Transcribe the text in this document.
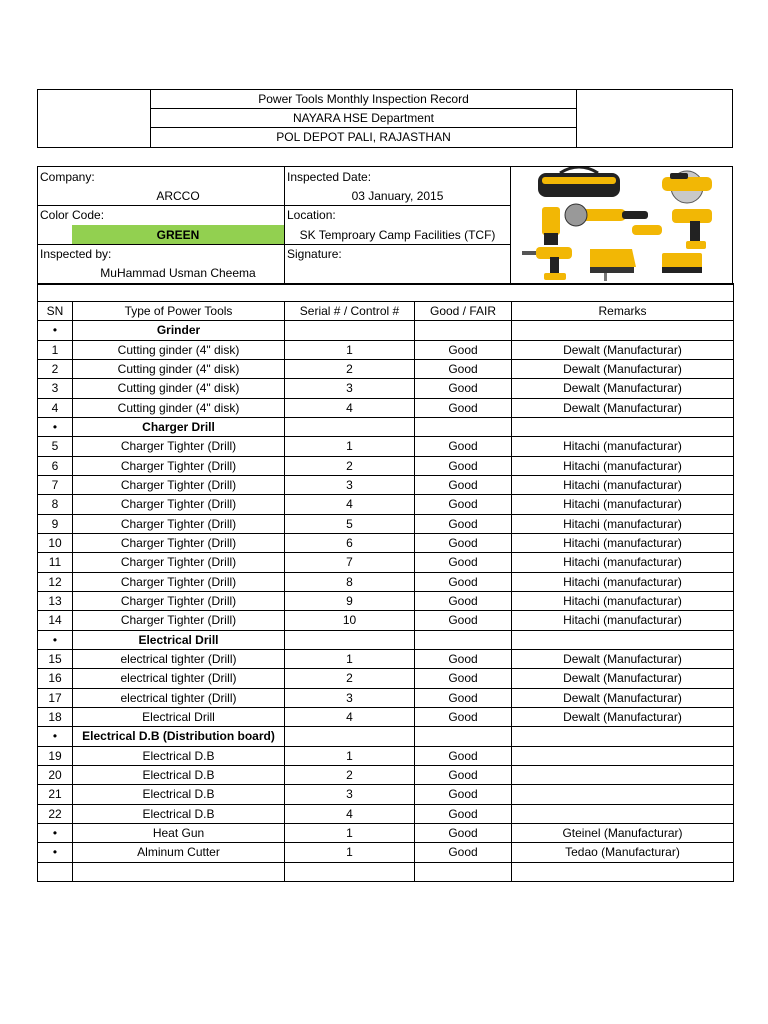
Power Tools Monthly Inspection Record
NAYARA HSE Department
POL DEPOT PALI, RAJASTHAN
Company:
ARCCO
Inspected Date:
03 January, 2015
Color Code:
GREEN
Location:
SK Temproary Camp Facilities (TCF)
Inspected by:
MuHammad Usman Cheema
Signature:
SN	Type of Power Tools	Serial # / Control #	Good / FAIR	Remarks
•	Grinder
1	Cutting ginder (4" disk)	1	Good	Dewalt (Manufacturar)
2	Cutting ginder (4" disk)	2	Good	Dewalt (Manufacturar)
3	Cutting ginder (4" disk)	3	Good	Dewalt (Manufacturar)
4	Cutting ginder (4" disk)	4	Good	Dewalt (Manufacturar)
•	Charger Drill
5	Charger Tighter (Drill)	1	Good	Hitachi (manufacturar)
6	Charger Tighter (Drill)	2	Good	Hitachi (manufacturar)
7	Charger Tighter (Drill)	3	Good	Hitachi (manufacturar)
8	Charger Tighter (Drill)	4	Good	Hitachi (manufacturar)
9	Charger Tighter (Drill)	5	Good	Hitachi (manufacturar)
10	Charger Tighter (Drill)	6	Good	Hitachi (manufacturar)
11	Charger Tighter (Drill)	7	Good	Hitachi (manufacturar)
12	Charger Tighter (Drill)	8	Good	Hitachi (manufacturar)
13	Charger Tighter (Drill)	9	Good	Hitachi (manufacturar)
14	Charger Tighter (Drill)	10	Good	Hitachi (manufacturar)
•	Electrical Drill
15	electrical tighter (Drill)	1	Good	Dewalt (Manufacturar)
16	electrical tighter (Drill)	2	Good	Dewalt (Manufacturar)
17	electrical tighter (Drill)	3	Good	Dewalt (Manufacturar)
18	Electrical Drill	4	Good	Dewalt (Manufacturar)
•	Electrical D.B (Distribution board)
19	Electrical D.B	1	Good
20	Electrical D.B	2	Good
21	Electrical D.B	3	Good
22	Electrical D.B	4	Good
•	Heat Gun	1	Good	Gteinel (Manufacturar)
•	Alminum Cutter	1	Good	Tedao (Manufacturar)
